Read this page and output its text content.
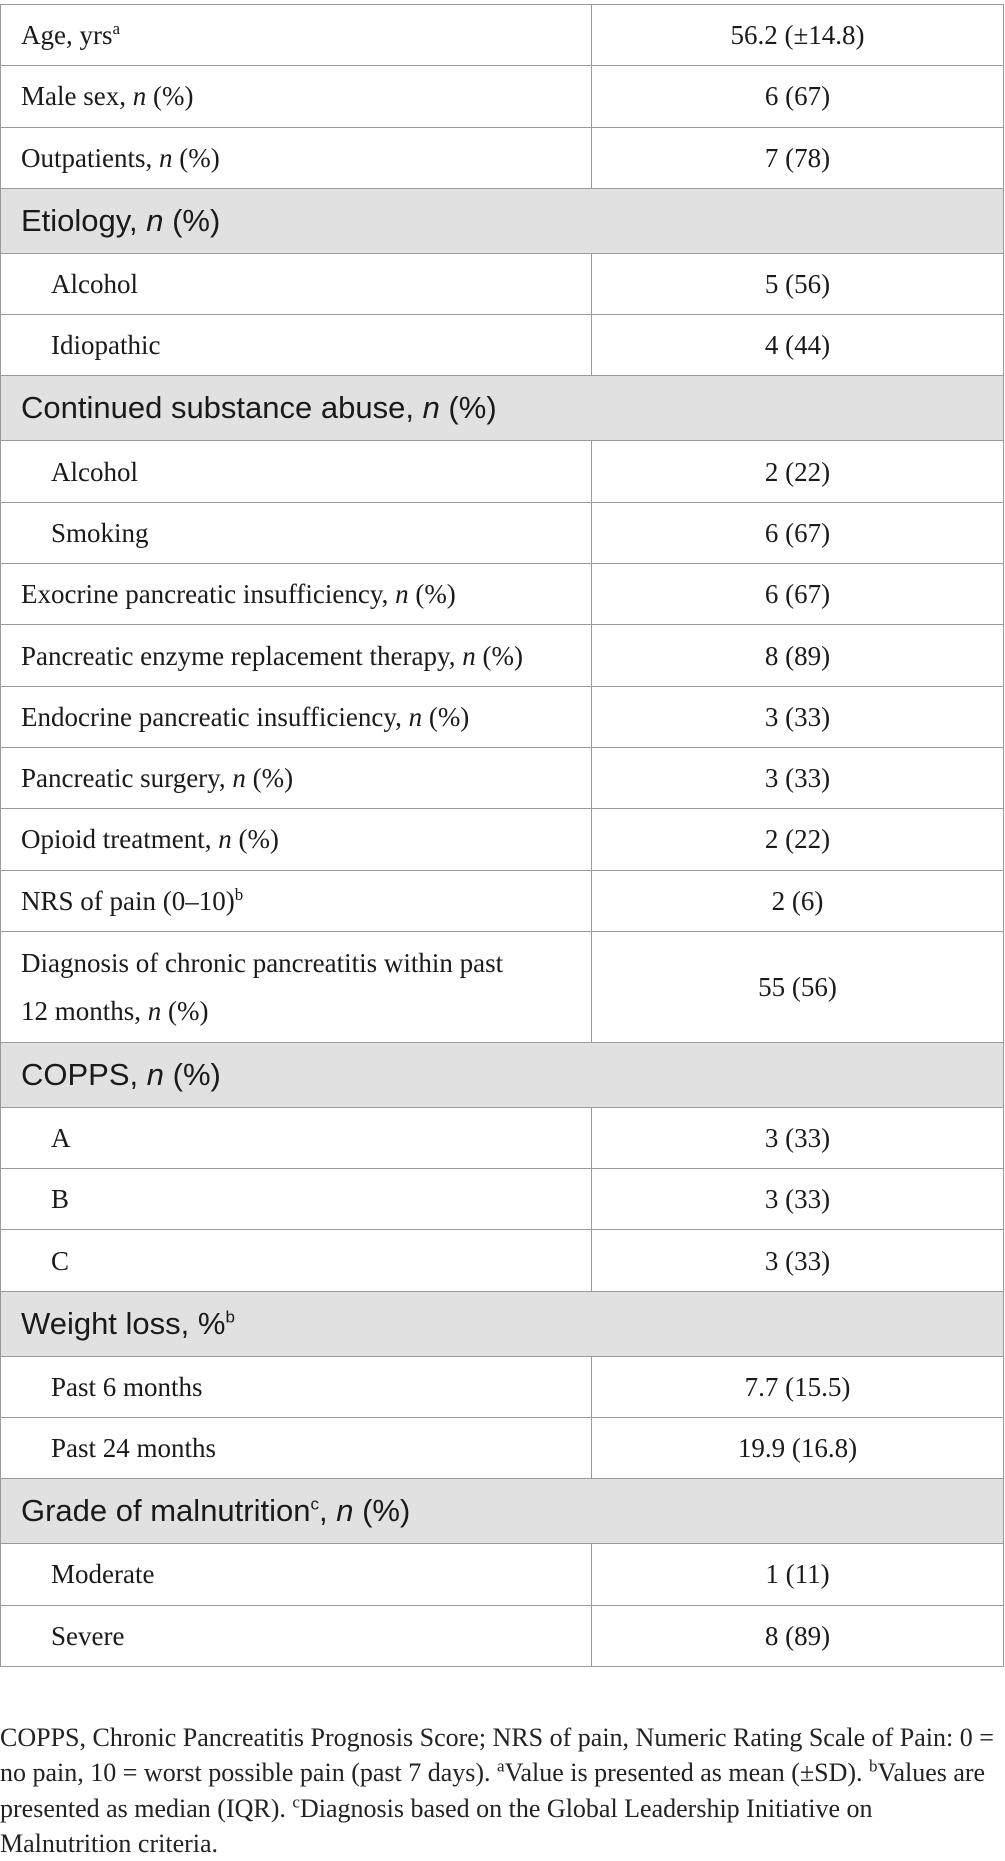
Age, yrs$^a$	56.2 (±14.8)
Male sex, n (%)	6 (67)
Outpatients, n (%)	7 (78)
Etiology, n (%)	
Alcohol	5 (56)
Idiopathic	4 (44)
Continued substance abuse, n (%)	
Alcohol	2 (22)
Smoking	6 (67)
Exocrine pancreatic insufficiency, n (%)	6 (67)
Pancreatic enzyme replacement therapy, n (%)	8 (89)
Endocrine pancreatic insufficiency, n (%)	3 (33)
Pancreatic surgery, n (%)	3 (33)
Opioid treatment, n (%)	2 (22)
NRS of pain $(0-10)^b$	2 (6)
Diagnosis of chronic pancreatitis within past
12 months, n (%)	55 (56)
COPPS, n (%)	
A	3 (33)
B	3 (33)
C	3 (33)
Weight loss, %$^b$
Past 6 months	7.7 (15.5)
Past 24 months	19.9 (16.8)
Grade of malnutrition$^c$, n (%)	
Moderate	1 (11)
Severe	8 (89)

COPPS, Chronic Pancreatitis Prognosis Score; NRS of pain, Numeric Rating Scale of Pain: 0 = no pain, 10 = worst possible pain (past 7 days). $^a$Value is presented as mean (±SD). $^b$Values are presented as median (IQR). $^c$Diagnosis based on the Global Leadership Initiative on Malnutrition criteria.
